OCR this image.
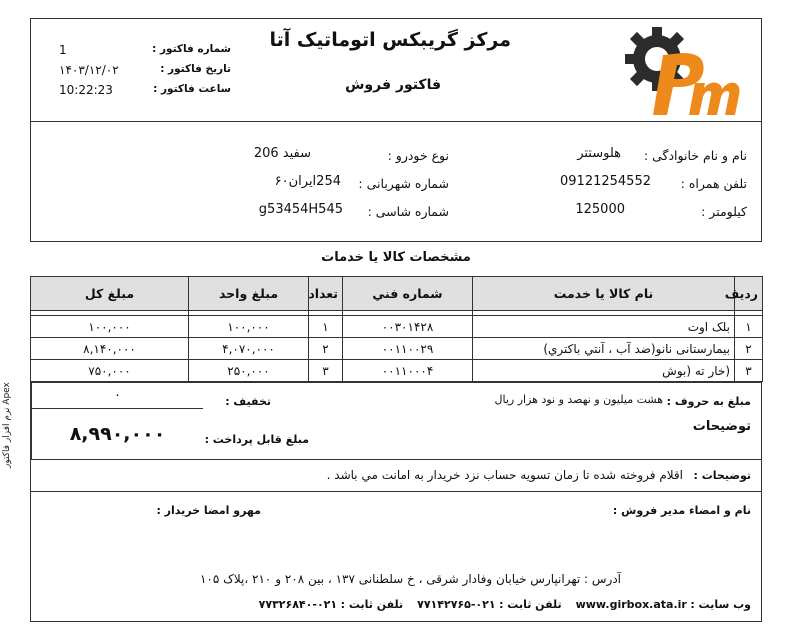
نرم افزار فاکتور Apex
مرکز گریبکس اتوماتیک آتا
فاکتور فروش
شماره فاکتور :
1
تاریخ فاکتور :
۱۴۰۳/۱۲/۰۲
ساعت فاکتور :
10:22:23
نام و نام خانوادگی :
هلوستتر
تلفن همراه :
09121254552
کیلومتر :
125000
نوع خودرو :
سفید 206
شماره شهربانی :
254ایران۶۰
شماره شاسی :
g53454H545
مشخصات کالا یا خدمات
ردیف	نام کالا یا خدمت	شماره فني	تعداد	مبلغ واحد	مبلغ کل

۱	بلک اوت	۰۰۳۰۱۴۲۸	۱	۱۰۰,۰۰۰	۱۰۰,۰۰۰
۲	بیمارستانی نانو(ضد آب ، آنتي باکتري)	۰۰۱۱۰۰۲۹	۲	۴,۰۷۰,۰۰۰	۸,۱۴۰,۰۰۰
۳	(خار ته (بوش	۰۰۱۱۰۰۰۴	۳	۲۵۰,۰۰۰	۷۵۰,۰۰۰
مبلغ به حروف :
هشت میلیون و نهصد و نود هزار ریال
توضیحات
تخفیف :
مبلغ قابل پرداخت :
۰
۸,۹۹۰,۰۰۰
توضیحات :
اقلام فروخته شده تا زمان تسویه حساب نزد خریدار به امانت مي باشد .
نام و امضاء مدیر فروش :
مهرو امضا خریدار :
آدرس : تهرانپارس خیابان وفادار شرقی ، خ سلطنانی ۱۳۷ ، بین ۲۰۸ و ۲۱۰ ،پلاک ۱۰۵
وب سایت : www.girbox.ata.ir    تلفن ثابت : ۰۲۱-۷۷۱۴۲۷۶۵    تلفن ثابت : ۰۲۱-۷۷۳۲۶۸۴۰
